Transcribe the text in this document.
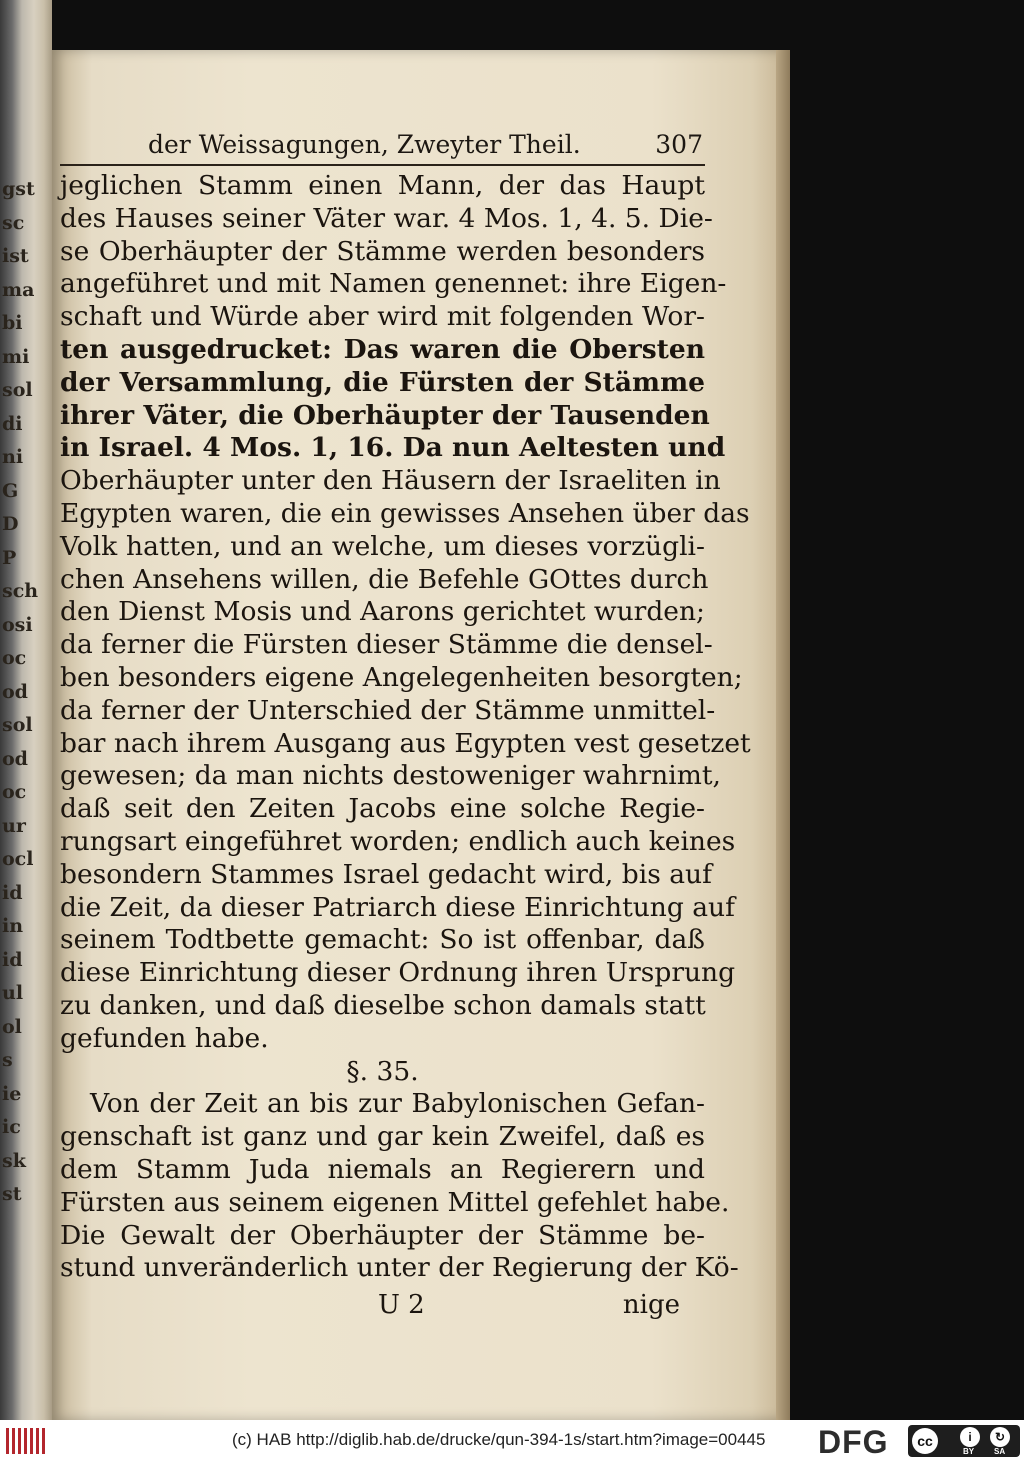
gst
sc
ist
ma
bi
mi
sol
di
ni
G
D
P
sch
osi
oc
od
sol
od
oc
ur
ocl
id
in
id
ul
ol
s
ie
ic
sk
st
der Weissagungen, Zweyter Theil.	307
jeglichen Stamm einen Mann, der das Haupt
des Hauses seiner Väter war. 4 Mos. 1, 4. 5. Die-
se Oberhäupter der Stämme werden besonders
angeführet und mit Namen genennet: ihre Eigen-
schaft und Würde aber wird mit folgenden Wor-
ten ausgedrucket: Das waren die Obersten
der Versammlung, die Fürsten der Stämme
ihrer Väter, die Oberhäupter der Tausenden
in Israel. 4 Mos. 1, 16. Da nun Aeltesten und
Oberhäupter unter den Häusern der Israeliten in
Egypten waren, die ein gewisses Ansehen über das
Volk hatten, und an welche, um dieses vorzügli-
chen Ansehens willen, die Befehle GOttes durch
den Dienst Mosis und Aarons gerichtet wurden;
da ferner die Fürsten dieser Stämme die densel-
ben besonders eigene Angelegenheiten besorgten;
da ferner der Unterschied der Stämme unmittel-
bar nach ihrem Ausgang aus Egypten vest gesetzet
gewesen; da man nichts destoweniger wahrnimt,
daß seit den Zeiten Jacobs eine solche Regie-
rungsart eingeführet worden; endlich auch keines
besondern Stammes Israel gedacht wird, bis auf
die Zeit, da dieser Patriarch diese Einrichtung auf
seinem Todtbette gemacht: So ist offenbar, daß
diese Einrichtung dieser Ordnung ihren Ursprung
zu danken, und daß dieselbe schon damals statt
gefunden habe.
§. 35.
Von der Zeit an bis zur Babylonischen Gefan-
genschaft ist ganz und gar kein Zweifel, daß es
dem Stamm Juda niemals an Regierern und
Fürsten aus seinem eigenen Mittel gefehlet habe.
Die Gewalt der Oberhäupter der Stämme be-
stund unveränderlich unter der Regierung der Kö-
U 2	nige
(c) HAB http://diglib.hab.de/drucke/qun-394-1s/start.htm?image=00445 DFG	cc	i	↻
BY SA
